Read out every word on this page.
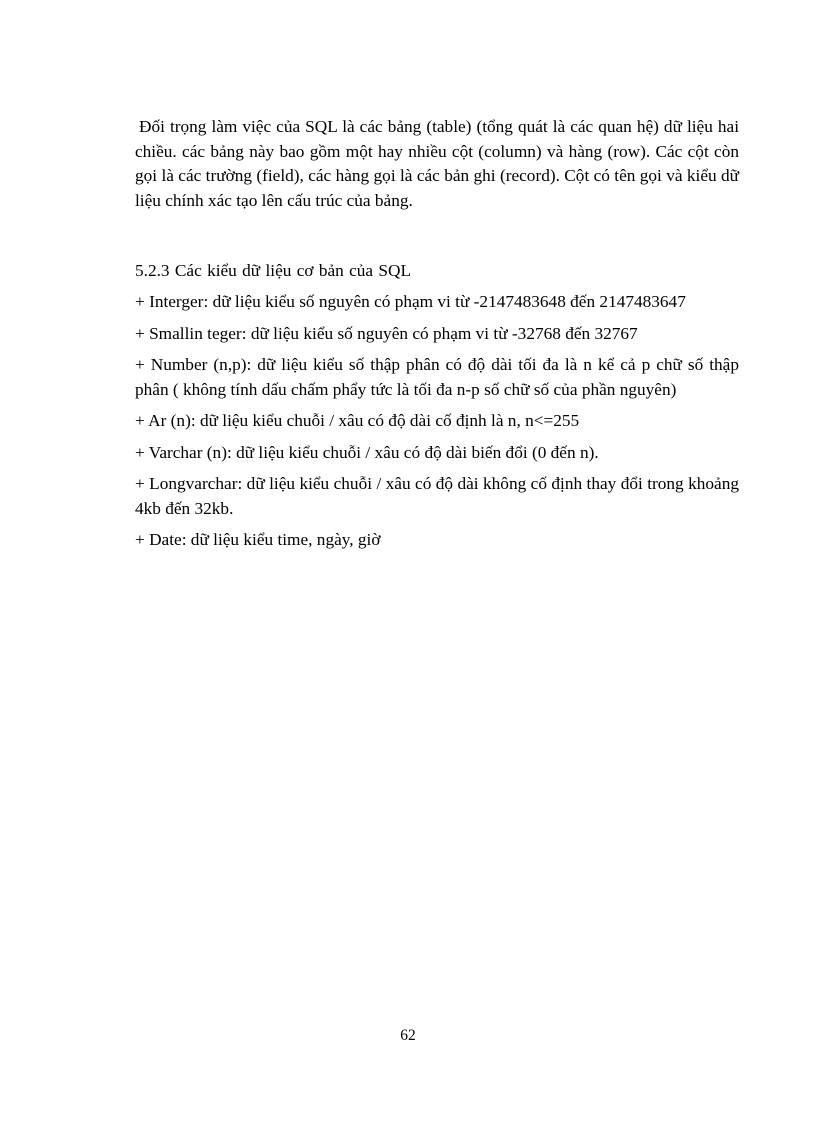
Đối trọng làm việc của SQL là các bảng (table) (tổng quát là các quan hệ) dữ liệu hai chiều. các bảng này bao gồm một hay nhiều cột (column) và hàng (row). Các cột còn gọi là các trường (field), các hàng gọi là các bản ghi (record). Cột có tên gọi và kiểu dữ liệu chính xác tạo lên cấu trúc của bảng.

5.2.3 Các kiểu dữ liệu cơ bản của SQL

+ Interger: dữ liệu kiểu số nguyên có phạm vi từ -2147483648 đến 2147483647

+ Smallin teger: dữ liệu kiểu số nguyên có phạm vi từ -32768 đến 32767

+ Number (n,p): dữ liệu kiểu số thập phân có độ dài tối đa là n kể cả p chữ số thập phân ( không tính dấu chấm phẩy tức là tối đa n-p số chữ số của phần nguyên)

+ Ar (n): dữ liệu kiểu chuỗi / xâu có độ dài cố định là n, n<=255

+ Varchar (n): dữ liệu kiểu chuỗi / xâu có độ dài biến đổi (0 đến n).

+ Longvarchar: dữ liệu kiểu chuỗi / xâu có độ dài không cố định thay đổi trong khoảng 4kb đến 32kb.

+ Date: dữ liệu kiểu time, ngày, giờ

62
